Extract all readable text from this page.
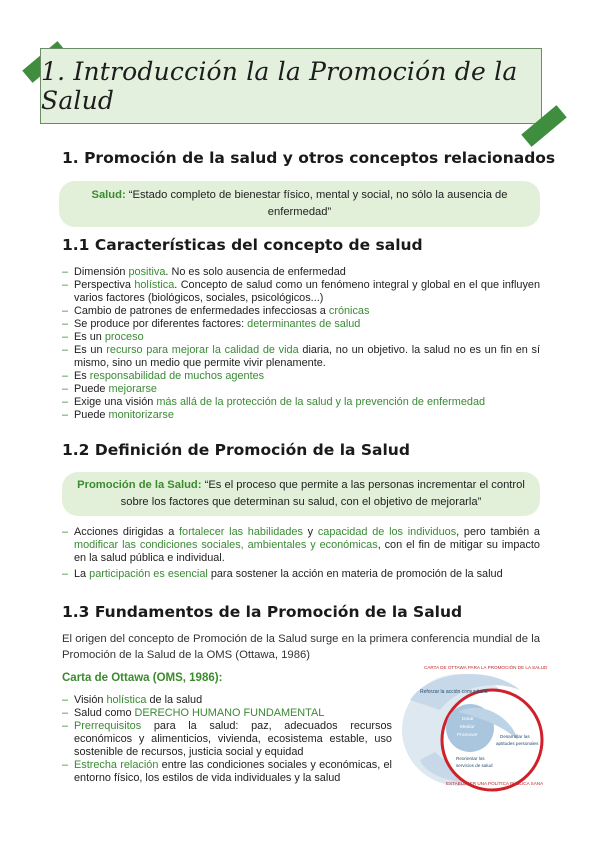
1. Introducción la la Promoción de la Salud
1. Promoción de la salud y otros conceptos relacionados
Salud: “Estado completo de bienestar físico, mental y social, no sólo la ausencia de enfermedad”
1.1 Características del concepto de salud
– Dimensión positiva. No es solo ausencia de enfermedad
– Perspectiva holística. Concepto de salud como un fenómeno integral y global en el que influyen varios factores (biológicos, sociales, psicológicos...)
– Cambio de patrones de enfermedades infecciosas a crónicas
– Se produce por diferentes factores: determinantes de salud
– Es un proceso
– Es un recurso para mejorar la calidad de vida diaria, no un objetivo. la salud no es un fin en sí mismo, sino un medio que permite vivir plenamente.
– Es responsabilidad de muchos agentes
– Puede mejorarse
– Exige una visión más allá de la protección de la salud y la prevención de enfermedad
– Puede monitorizarse
1.2 Definición de Promoción de la Salud
Promoción de la Salud: “Es el proceso que permite a las personas incrementar el control sobre los factores que determinan su salud, con el objetivo de mejorarla”
– Acciones dirigidas a fortalecer las habilidades y capacidad de los individuos, pero también a modificar las condiciones sociales, ambientales y económicas, con el fin de mitigar su impacto en la salud pública e individual.
– La participación es esencial para sostener la acción en materia de promoción de la salud
1.3 Fundamentos de la Promoción de la Salud

El origen del concepto de Promoción de la Salud surge en la primera conferencia mundial de la Promoción de la Salud de la OMS (Ottawa, 1986)

Carta de Ottawa (OMS, 1986):

– Visión holística de la salud
– Salud como DERECHO HUMANO FUNDAMENTAL
– Prerrequisitos para la salud: paz, adecuados recursos económicos y alimenticios, vivienda, ecosistema estable, uso sostenible de recursos, justicia social y equidad
– Estrecha relación entre las condiciones sociales y económicas, el entorno físico, los estilos de vida individuales y la salud
CARTA DE OTTAWA PARA LA PROMOCIÓN DE LA SALUD
Reforzar la acción comunitaria
Dotar
Mediar
Promover	Desarrollar las
aptitudes personales
Reorientar los
servicios de salud
ESTABLECER UNA POLÍTICA PÚBLICA SANA
